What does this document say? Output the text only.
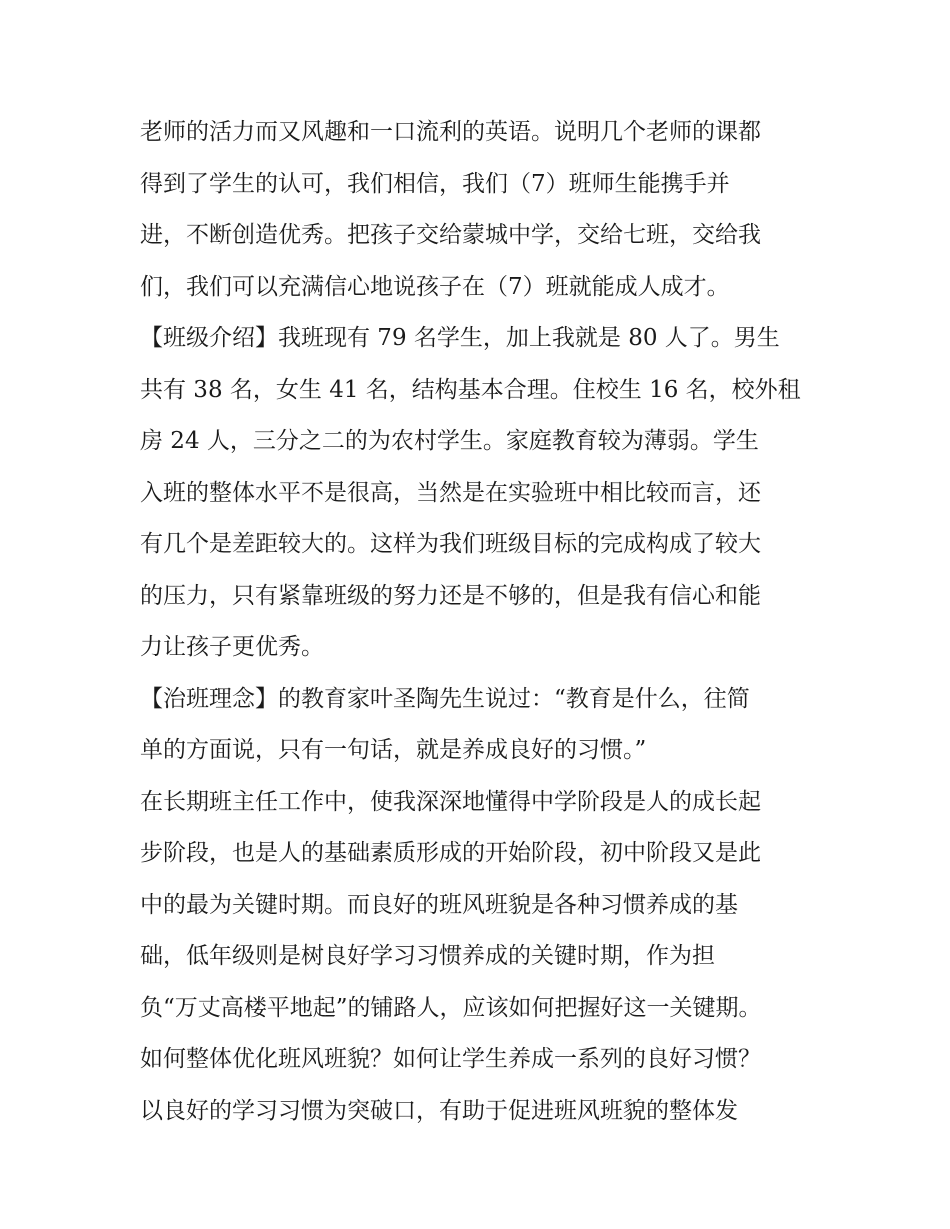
老师的活力而又风趣和一口流利的英语。说明几个老师的课都
得到了学生的认可，我们相信，我们（7）班师生能携手并
进，不断创造优秀。把孩子交给蒙城中学，交给七班，交给我
们，我们可以充满信心地说孩子在（7）班就能成人成才。
【班级介绍】我班现有 79 名学生，加上我就是 80 人了。男生
共有 38 名，女生 41 名，结构基本合理。住校生 16 名，校外租
房 24 人，三分之二的为农村学生。家庭教育较为薄弱。学生
入班的整体水平不是很高，当然是在实验班中相比较而言，还
有几个是差距较大的。这样为我们班级目标的完成构成了较大
的压力，只有紧靠班级的努力还是不够的，但是我有信心和能
力让孩子更优秀。
【治班理念】的教育家叶圣陶先生说过：“教育是什么，往简
单的方面说，只有一句话，就是养成良好的习惯。”
在长期班主任工作中，使我深深地懂得中学阶段是人的成长起
步阶段，也是人的基础素质形成的开始阶段，初中阶段又是此
中的最为关键时期。而良好的班风班貌是各种习惯养成的基
础，低年级则是树良好学习习惯养成的关键时期，作为担
负“万丈高楼平地起”的铺路人，应该如何把握好这一关键期。
如何整体优化班风班貌？如何让学生养成一系列的良好习惯？
以良好的学习习惯为突破口，有助于促进班风班貌的整体发
